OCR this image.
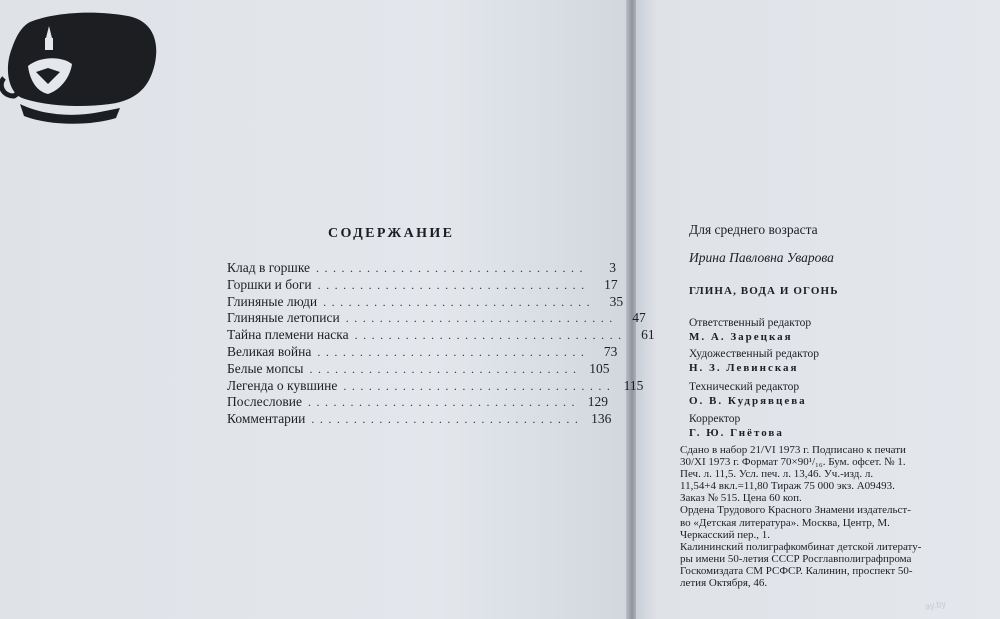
СОДЕРЖАНИЕ
Клад в горшке ................................	3
Горшки и боги ................................	17
Глиняные люди ................................	35
Глиняные летописи ................................	47
Тайна племени наска ................................	61
Великая война ................................	73
Белые мопсы ................................ 105
Легенда о кувшине ................................ 115
Послесловие ................................ 129
Комментарии ................................ 136
Для среднего возраста
Ирина Павловна Уварова
ГЛИНА, ВОДА И ОГОНЬ
Ответственный редактор
М. А. Зарецкая
Художественный редактор
Н. З. Левинская
Технический редактор
О. В. Кудрявцева
Корректор
Г. Ю. Гнётова
Сдано в набор 21/VI 1973 г. Подписано к печати
30/XI 1973 г. Формат 70×90¹/₁₆. Бум. офсет. № 1.
Печ. л. 11,5. Усл. печ. л. 13,46. Уч.-изд. л.
11,54+4 вкл.=11,80 Тираж 75 000 экз. А09493.
Заказ № 515. Цена 60 коп.
Ордена Трудового Красного Знамени издательст-
во «Детская литература». Москва, Центр, М.
Черкасский пер., 1.
Калининский полиграфкомбинат детской литерату-
ры имени 50-летия СССР Росглавполиграфпрома
Госкомиздата СМ РСФСР. Калинин, проспект 50-
летия Октября, 46.
ay.by
